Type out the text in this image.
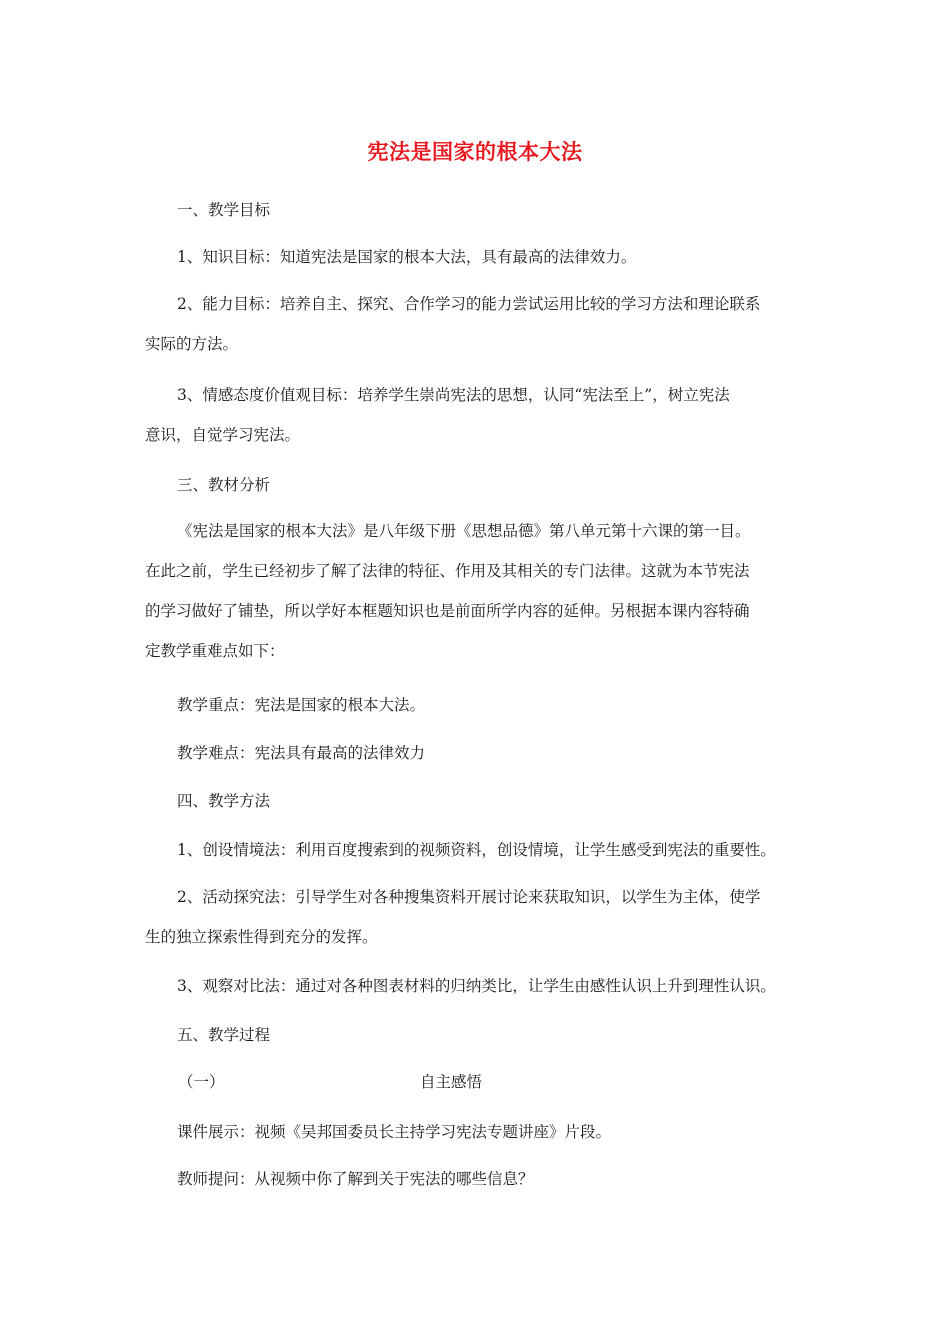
宪法是国家的根本大法
一、教学目标
1、知识目标：知道宪法是国家的根本大法，具有最高的法律效力。
2、能力目标：培养自主、探究、合作学习的能力尝试运用比较的学习方法和理论联系
实际的方法。
3、情感态度价值观目标：培养学生崇尚宪法的思想，认同“宪法至上”，树立宪法
意识，自觉学习宪法。
三、教材分析
《宪法是国家的根本大法》是八年级下册《思想品德》第八单元第十六课的第一目。
在此之前，学生已经初步了解了法律的特征、作用及其相关的专门法律。这就为本节宪法
的学习做好了铺垫，所以学好本框题知识也是前面所学内容的延伸。另根据本课内容特确
定教学重难点如下：
教学重点：宪法是国家的根本大法。
教学难点：宪法具有最高的法律效力
四、教学方法
1、创设情境法：利用百度搜索到的视频资料，创设情境，让学生感受到宪法的重要性。
2、活动探究法：引导学生对各种搜集资料开展讨论来获取知识，以学生为主体，使学
生的独立探索性得到充分的发挥。
3、观察对比法：通过对各种图表材料的归纳类比，让学生由感性认识上升到理性认识。
五、教学过程
（一）	自主感悟
课件展示：视频《吴邦国委员长主持学习宪法专题讲座》片段。
教师提问：从视频中你了解到关于宪法的哪些信息？
